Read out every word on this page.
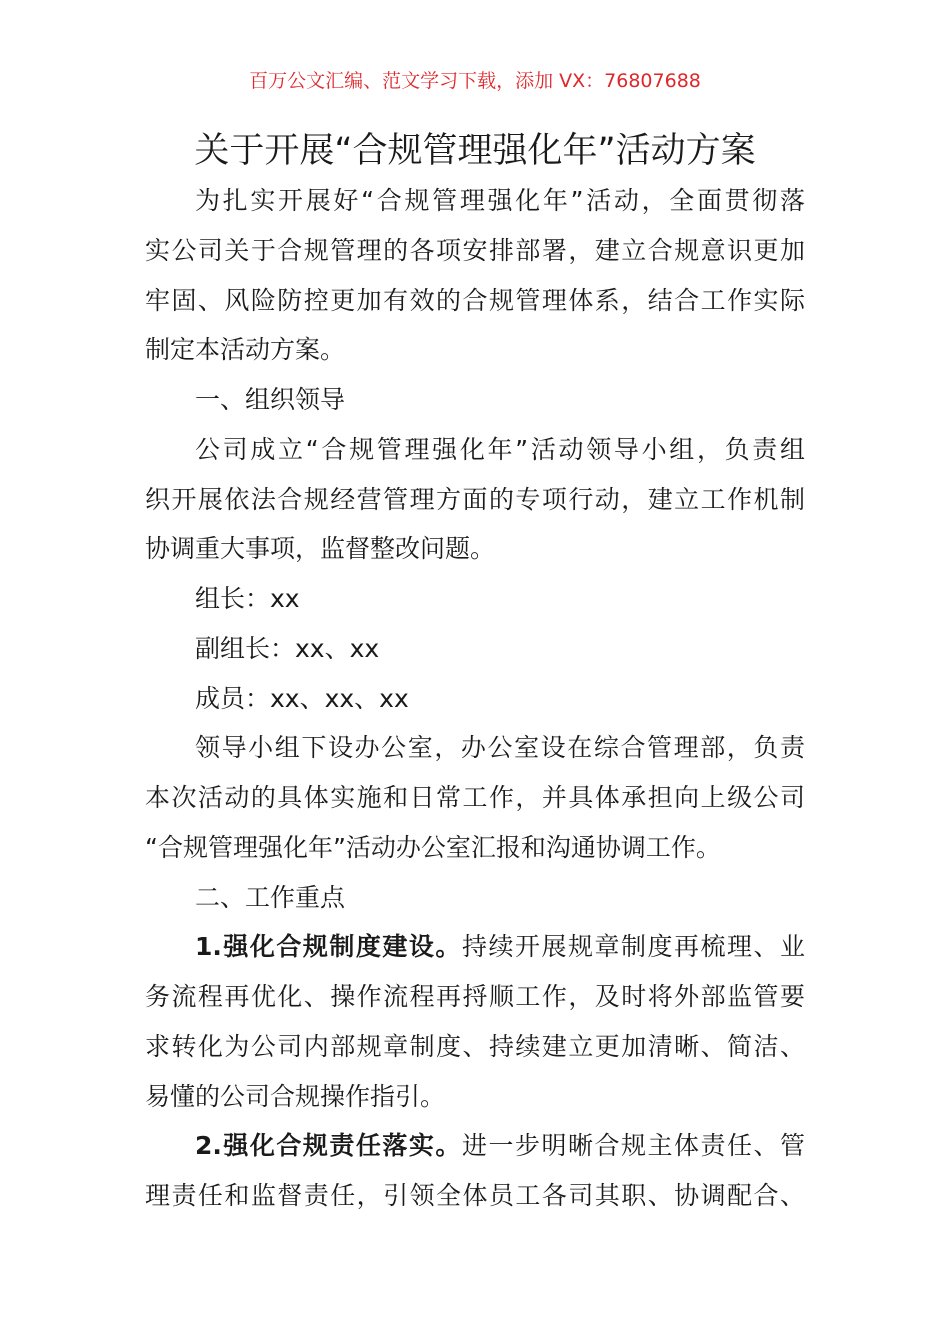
百万公文汇编、范文学习下载，添加 VX：76807688
关于开展“合规管理强化年”活动方案
为扎实开展好“合规管理强化年”活动，全面贯彻落
实公司关于合规管理的各项安排部署，建立合规意识更加
牢固、风险防控更加有效的合规管理体系，结合工作实际
制定本活动方案。
一、组织领导
公司成立“合规管理强化年”活动领导小组，负责组
织开展依法合规经营管理方面的专项行动，建立工作机制
协调重大事项，监督整改问题。
组长：xx
副组长：xx、xx
成员：xx、xx、xx
领导小组下设办公室，办公室设在综合管理部，负责
本次活动的具体实施和日常工作，并具体承担向上级公司
“合规管理强化年”活动办公室汇报和沟通协调工作。
二、工作重点
1.强化合规制度建设。持续开展规章制度再梳理、业
务流程再优化、操作流程再捋顺工作，及时将外部监管要
求转化为公司内部规章制度、持续建立更加清晰、简洁、
易懂的公司合规操作指引。
2.强化合规责任落实。进一步明晰合规主体责任、管
理责任和监督责任，引领全体员工各司其职、协调配合、
